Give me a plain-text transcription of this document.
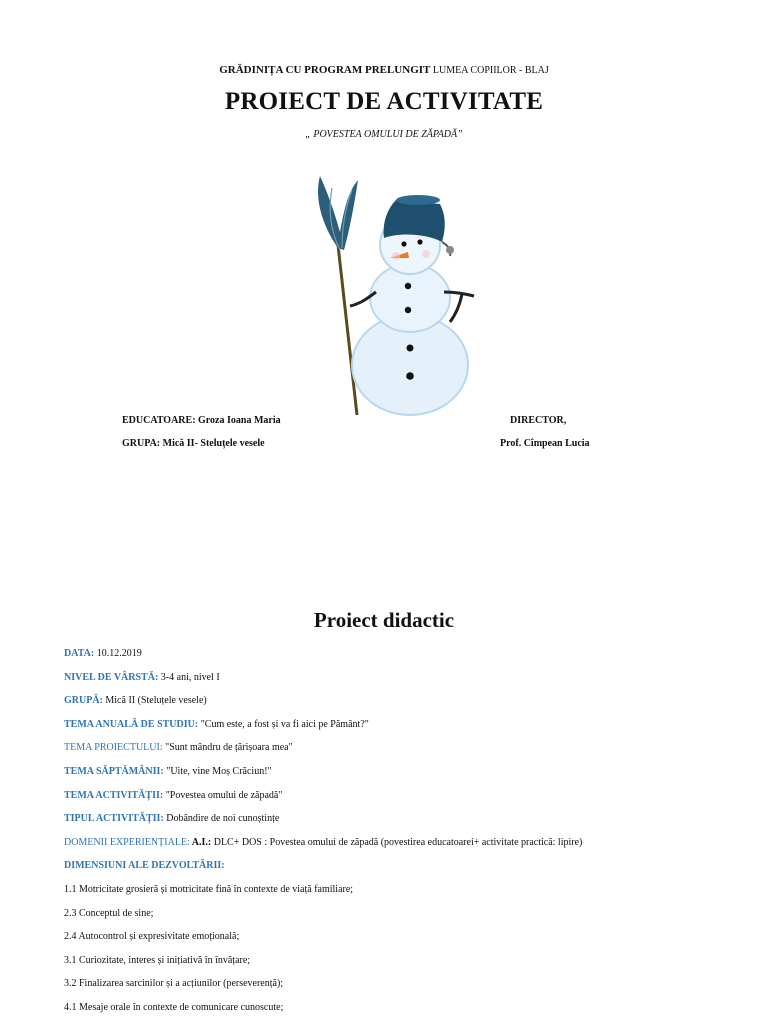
GRĂDINIȚA CU PROGRAM PRELUNGIT LUMEA COPIILOR - BLAJ
PROIECT DE ACTIVITATE
„ POVESTEA OMULUI DE ZĂPADĂ”
EDUCATOARE: Groza Ioana Maria	DIRECTOR,
GRUPA: Mică II- Steluțele vesele	Prof. Cîmpean Lucia
Proiect didactic
DATA: 10.12.2019
NIVEL DE VÂRSTĂ: 3-4 ani, nivel I
GRUPĂ: Mică II (Steluțele vesele)
TEMA ANUALĂ DE STUDIU: "Cum este, a fost și va fi aici pe Pământ?"
TEMA PROIECTULUI: "Sunt mândru de țărișoara mea"
TEMA SĂPTĂMÂNII: "Uite, vine Moș Crăciun!"
TEMA ACTIVITĂȚII: "Povestea omului de zăpadă"
TIPUL ACTIVITĂȚII: Dobândire de noi cunoștințe
DOMENII EXPERIENȚIALE: A.I.: DLC+ DOS : Povestea omului de zăpadă (povestirea educatoarei+ activitate practică: lipire)
DIMENSIUNI ALE DEZVOLTĂRII:
1.1 Motricitate grosieră și motricitate fină în contexte de viață familiare;
2.3 Conceptul de sine;
2.4 Autocontrol și expresivitate emoțională;
3.1 Curiozitate, interes și inițiativă în învățare;
3.2 Finalizarea sarcinilor și a acțiunilor (perseverență);
4.1 Mesaje orale în contexte de comunicare cunoscute;
